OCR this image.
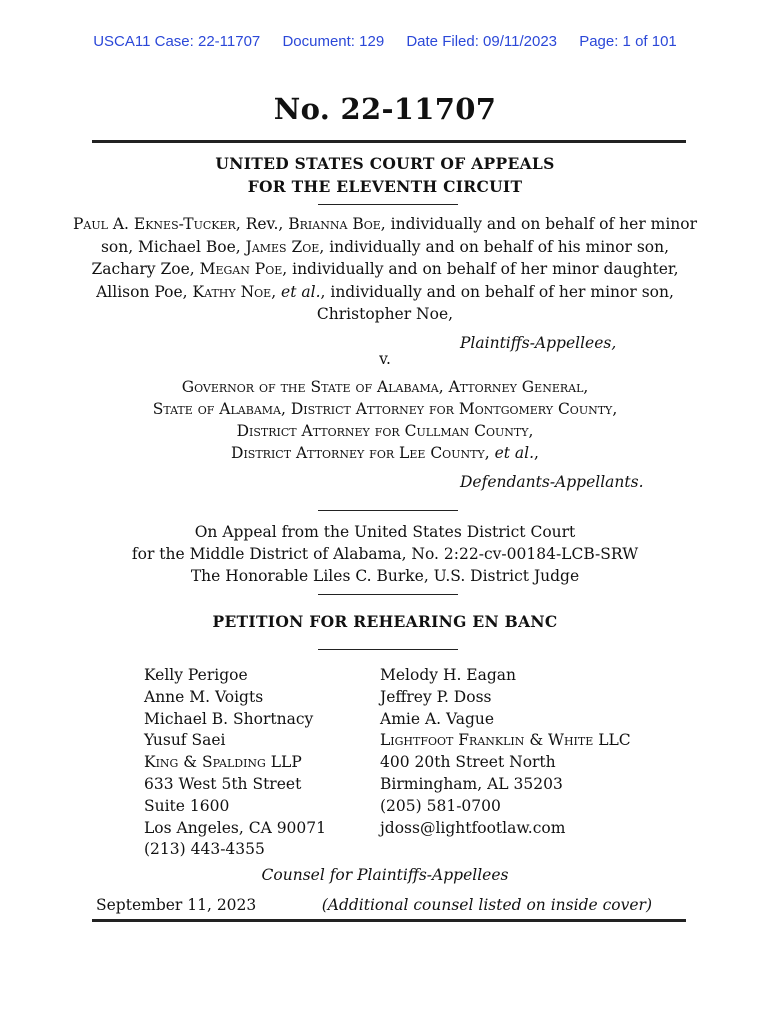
USCA11 Case: 22-11707 Document: 129 Date Filed: 09/11/2023 Page: 1 of 101
No. 22-11707
UNITED STATES COURT OF APPEALS
FOR THE ELEVENTH CIRCUIT
Paul A. Eknes-Tucker, Rev., Brianna Boe, individually and on behalf of her minor son, Michael Boe, James Zoe, individually and on behalf of his minor son, Zachary Zoe, Megan Poe, individually and on behalf of her minor daughter, Allison Poe, Kathy Noe, et al., individually and on behalf of her minor son, Christopher Noe,
Plaintiffs-Appellees,
v.
Governor of the State of Alabama, Attorney General,
State of Alabama, District Attorney for Montgomery County,
District Attorney for Cullman County,
District Attorney for Lee County, et al.,
Defendants-Appellants.
On Appeal from the United States District Court
for the Middle District of Alabama, No. 2:22-cv-00184-LCB-SRW
The Honorable Liles C. Burke, U.S. District Judge
PETITION FOR REHEARING EN BANC
Kelly Perigoe
Anne M. Voigts
Michael B. Shortnacy
Yusuf Saei
King & Spalding LLP
633 West 5th Street
Suite 1600
Los Angeles, CA 90071
(213) 443-4355
Melody H. Eagan
Jeffrey P. Doss
Amie A. Vague
Lightfoot Franklin & White LLC
400 20th Street North
Birmingham, AL 35203
(205) 581-0700
jdoss@lightfootlaw.com
Counsel for Plaintiffs-Appellees
September 11, 2023	(Additional counsel listed on inside cover)
